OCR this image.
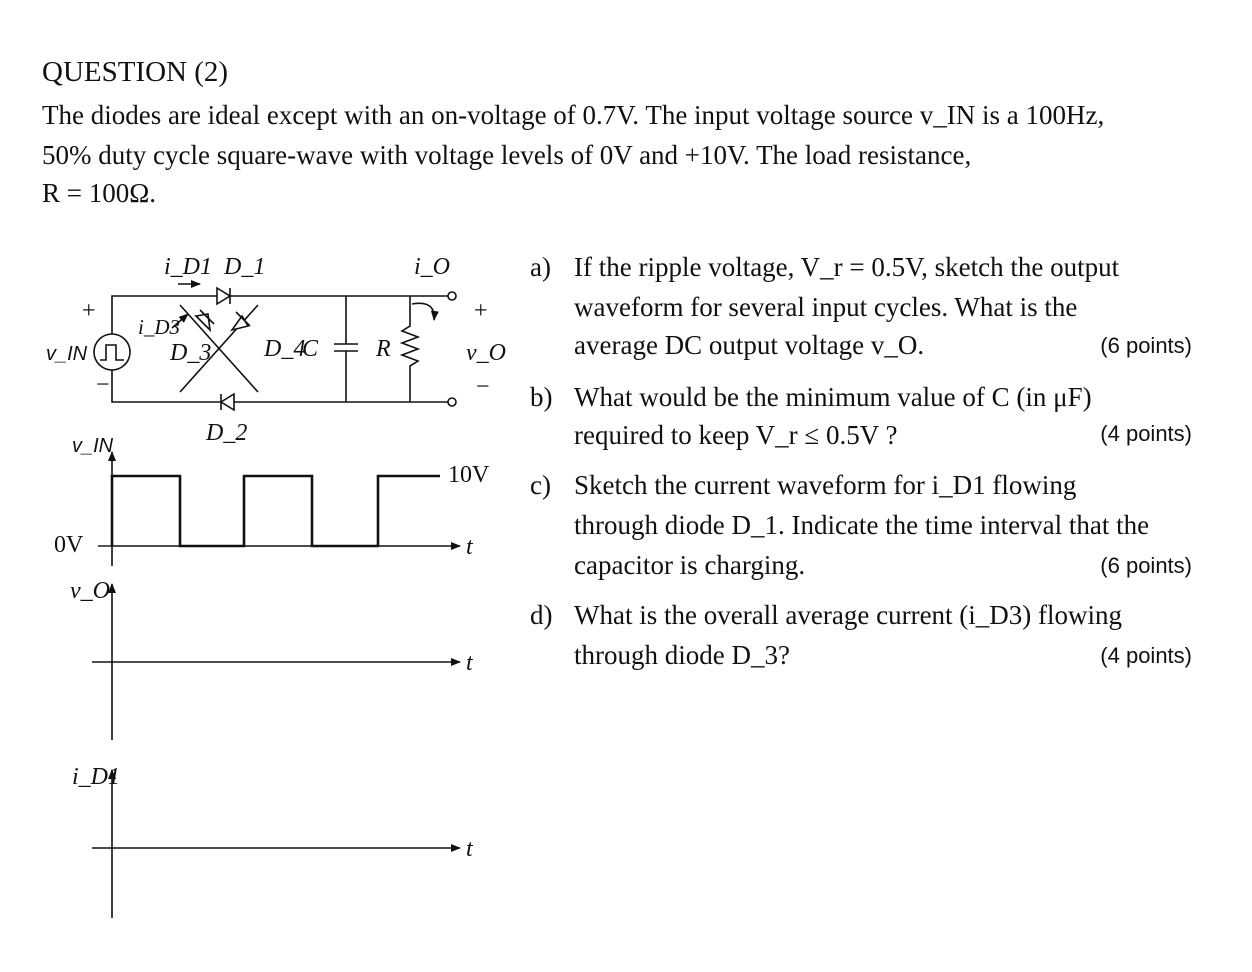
QUESTION (2)
The diodes are ideal except with an on-voltage of 0.7V. The input voltage source v_IN is a 100Hz,
50% duty cycle square-wave with voltage levels of 0V and +10V. The load resistance,
R = 100Ω.
i_D1 D_1
i_D3
D_3 D_4
C R
i_O
D_2
v_O
+
−
v_IN
+
−
v_IN
10V
0V	t
v_O
t
i_D1
t
a) If the ripple voltage, V_r = 0.5V, sketch the output
waveform for several input cycles. What is the
average DC output voltage v_O.	(6 points)
b) What would be the minimum value of C (in μF)
required to keep V_r ≤ 0.5V ?	(4 points)
c) Sketch the current waveform for i_D1 flowing
through diode D_1. Indicate the time interval that the
capacitor is charging.	(6 points)
d) What is the overall average current (i_D3) flowing
through diode D_3?	(4 points)
